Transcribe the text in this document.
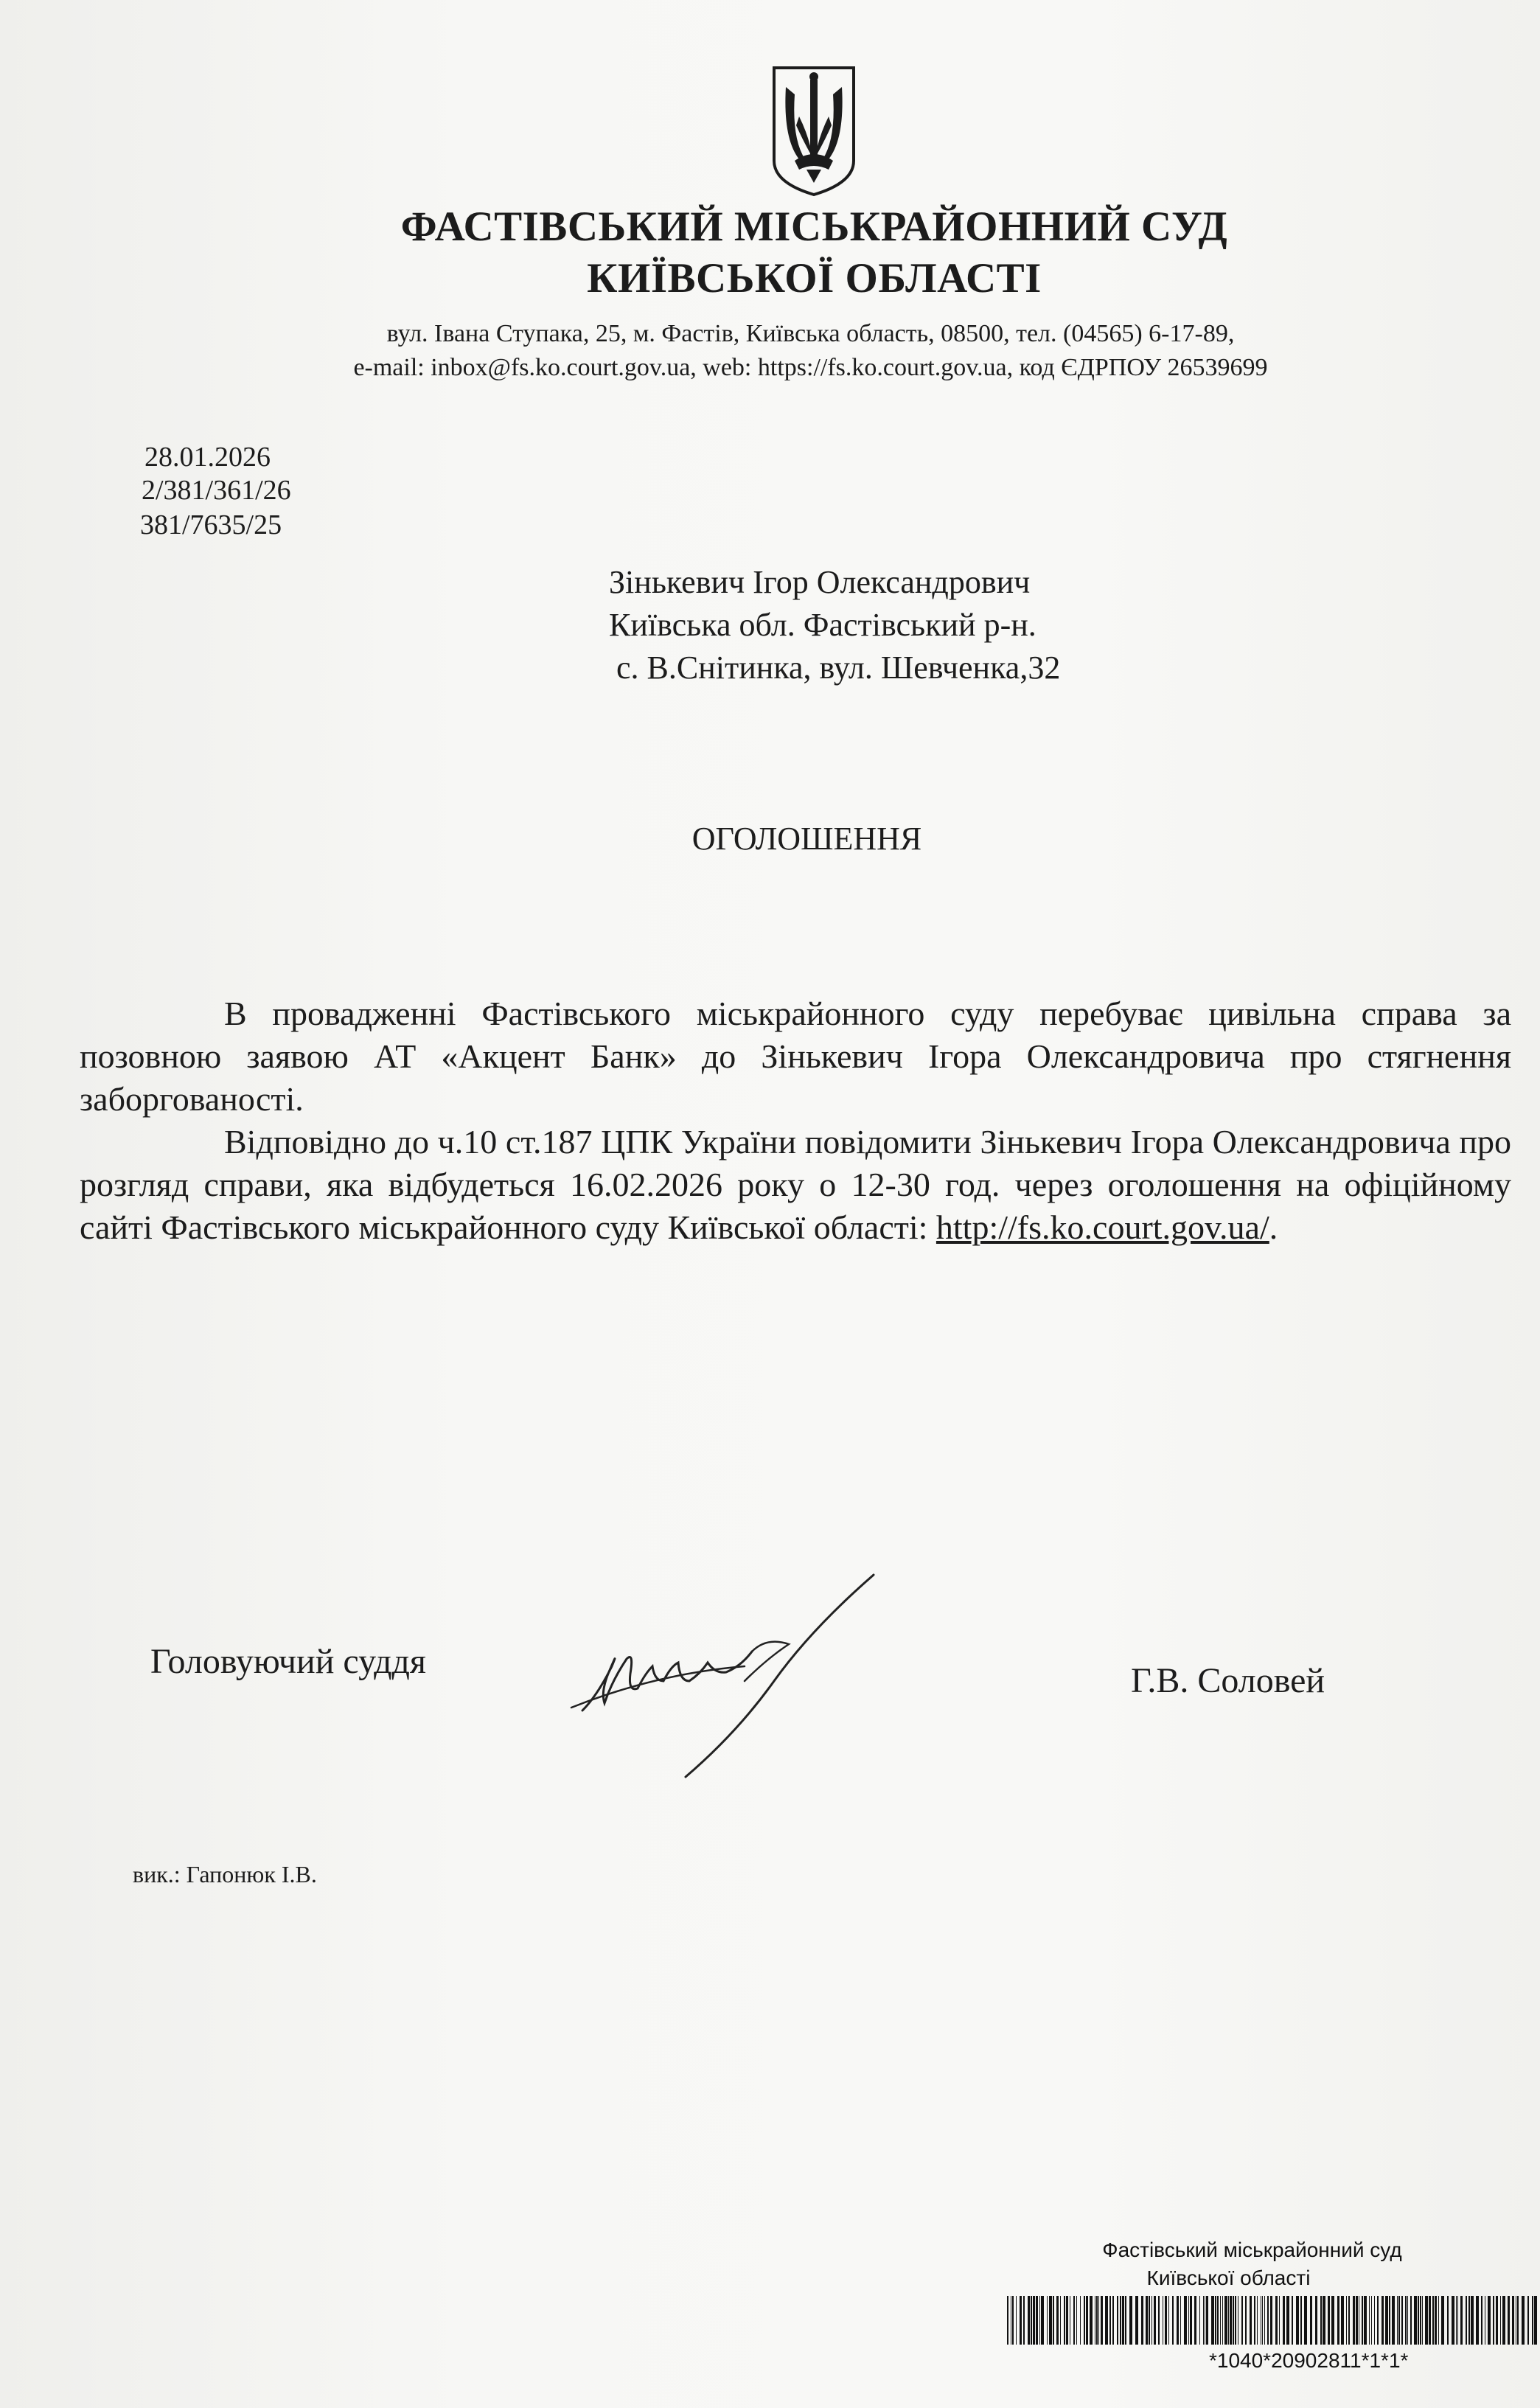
ФАСТІВСЬКИЙ МІСЬКРАЙОННИЙ СУД
КИЇВСЬКОЇ ОБЛАСТІ
вул. Івана Ступака, 25, м. Фастів, Київська область, 08500, тел. (04565) 6-17-89,
e-mail: inbox@fs.ko.court.gov.ua, web: https://fs.ko.court.gov.ua, код ЄДРПОУ 26539699
28.01.2026
2/381/361/26
381/7635/25
Зінькевич Ігор Олександрович
Київська обл. Фастівський р-н.
с. В.Снітинка, вул. Шевченка,32
ОГОЛОШЕННЯ

В провадженні Фастівського міськрайонного суду перебуває цивільна справа за позовною заявою АТ «Акцент Банк» до Зінькевич Ігора Олександровича про стягнення заборгованості.

Відповідно до ч.10 ст.187 ЦПК України повідомити Зінькевич Ігора Олександровича про розгляд справи, яка відбудеться 16.02.2026 року о 12-30 год. через оголошення на офіційному сайті Фастівського міськрайонного суду Київської області: http://fs.ko.court.gov.ua/.

Головуючий суддя	Г.В. Соловей
вик.: Гапонюк І.В.
Фастівський міськрайонний суд
Київської області
*1040*20902811*1*1*
